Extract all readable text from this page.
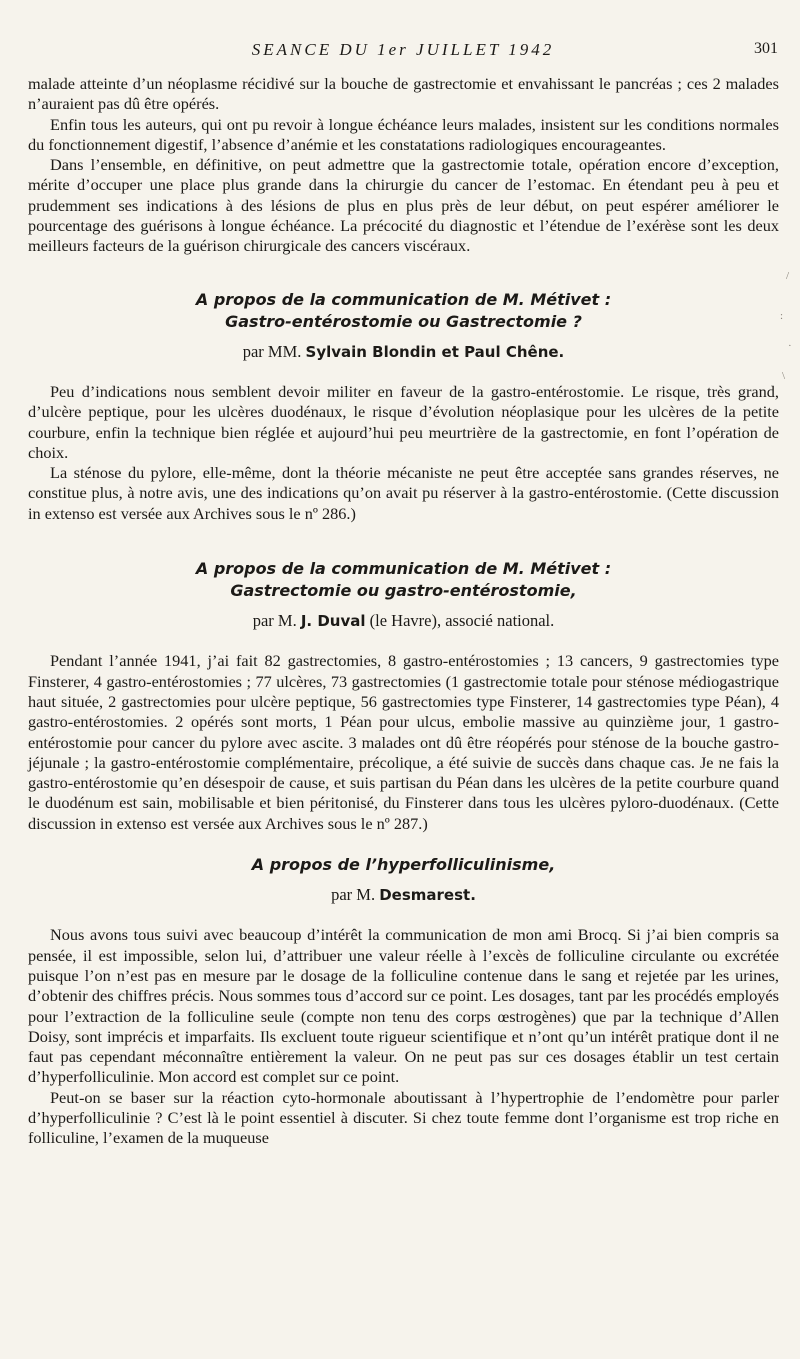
SEANCE DU 1er JUILLET 1942	301
/
:
·
\

malade atteinte d’un néoplasme récidivé sur la bouche de gastrectomie et envahissant le pancréas ; ces 2 malades n’auraient pas dû être opérés.

Enfin tous les auteurs, qui ont pu revoir à longue échéance leurs malades, insistent sur les conditions normales du fonctionnement digestif, l’absence d’anémie et les constatations radiologiques encourageantes.

Dans l’ensemble, en définitive, on peut admettre que la gastrectomie totale, opération encore d’exception, mérite d’occuper une place plus grande dans la chirurgie du cancer de l’estomac. En étendant peu à peu et prudemment ses indications à des lésions de plus en plus près de leur début, on peut espérer améliorer le pourcentage des guérisons à longue échéance. La précocité du diagnostic et l’étendue de l’exérèse sont les deux meilleurs facteurs de la guérison chirurgicale des cancers viscéraux.

A propos de la communication de M. Métivet :

Gastro-entérostomie ou Gastrectomie ?

par MM. Sylvain Blondin et Paul Chêne.

Peu d’indications nous semblent devoir militer en faveur de la gastro-entérostomie. Le risque, très grand, d’ulcère peptique, pour les ulcères duodénaux, le risque d’évolution néoplasique pour les ulcères de la petite courbure, enfin la technique bien réglée et aujourd’hui peu meurtrière de la gastrectomie, en font l’opération de choix.

La sténose du pylore, elle-même, dont la théorie mécaniste ne peut être acceptée sans grandes réserves, ne constitue plus, à notre avis, une des indications qu’on avait pu réserver à la gastro-entérostomie. (Cette discussion in extenso est versée aux Archives sous le nº 286.)

A propos de la communication de M. Métivet :

Gastrectomie ou gastro-entérostomie,

par M. J. Duval (le Havre), associé national.

Pendant l’année 1941, j’ai fait 82 gastrectomies, 8 gastro-entérostomies ; 13 cancers, 9 gastrectomies type Finsterer, 4 gastro-entérostomies ; 77 ulcères, 73 gastrectomies (1 gastrectomie totale pour sténose médiogastrique haut située, 2 gastrectomies pour ulcère peptique, 56 gastrectomies type Finsterer, 14 gastrectomies type Péan), 4 gastro-entérostomies. 2 opérés sont morts, 1 Péan pour ulcus, embolie massive au quinzième jour, 1 gastro-entérostomie pour cancer du pylore avec ascite. 3 malades ont dû être réopérés pour sténose de la bouche gastro-jéjunale ; la gastro-entérostomie complémentaire, précolique, a été suivie de succès dans chaque cas. Je ne fais la gastro-entérostomie qu’en désespoir de cause, et suis partisan du Péan dans les ulcères de la petite courbure quand le duodénum est sain, mobilisable et bien péritonisé, du Finsterer dans tous les ulcères pyloro-duodénaux. (Cette discussion in extenso est versée aux Archives sous le nº 287.)

A propos de l’hyperfolliculinisme,

par M. Desmarest.

Nous avons tous suivi avec beaucoup d’intérêt la communication de mon ami Brocq. Si j’ai bien compris sa pensée, il est impossible, selon lui, d’attribuer une valeur réelle à l’excès de folliculine circulante ou excrétée puisque l’on n’est pas en mesure par le dosage de la folliculine contenue dans le sang et rejetée par les urines, d’obtenir des chiffres précis. Nous sommes tous d’accord sur ce point. Les dosages, tant par les procédés employés pour l’extraction de la folliculine seule (compte non tenu des corps œstrogènes) que par la technique d’Allen Doisy, sont imprécis et imparfaits. Ils excluent toute rigueur scientifique et n’ont qu’un intérêt pratique dont il ne faut pas cependant méconnaître entièrement la valeur. On ne peut pas sur ces dosages établir un test certain d’hyperfolliculinie. Mon accord est complet sur ce point.

Peut-on se baser sur la réaction cyto-hormonale aboutissant à l’hypertrophie de l’endomètre pour parler d’hyperfolliculinie ? C’est là le point essentiel à discuter. Si chez toute femme dont l’organisme est trop riche en folliculine, l’examen de la muqueuse
